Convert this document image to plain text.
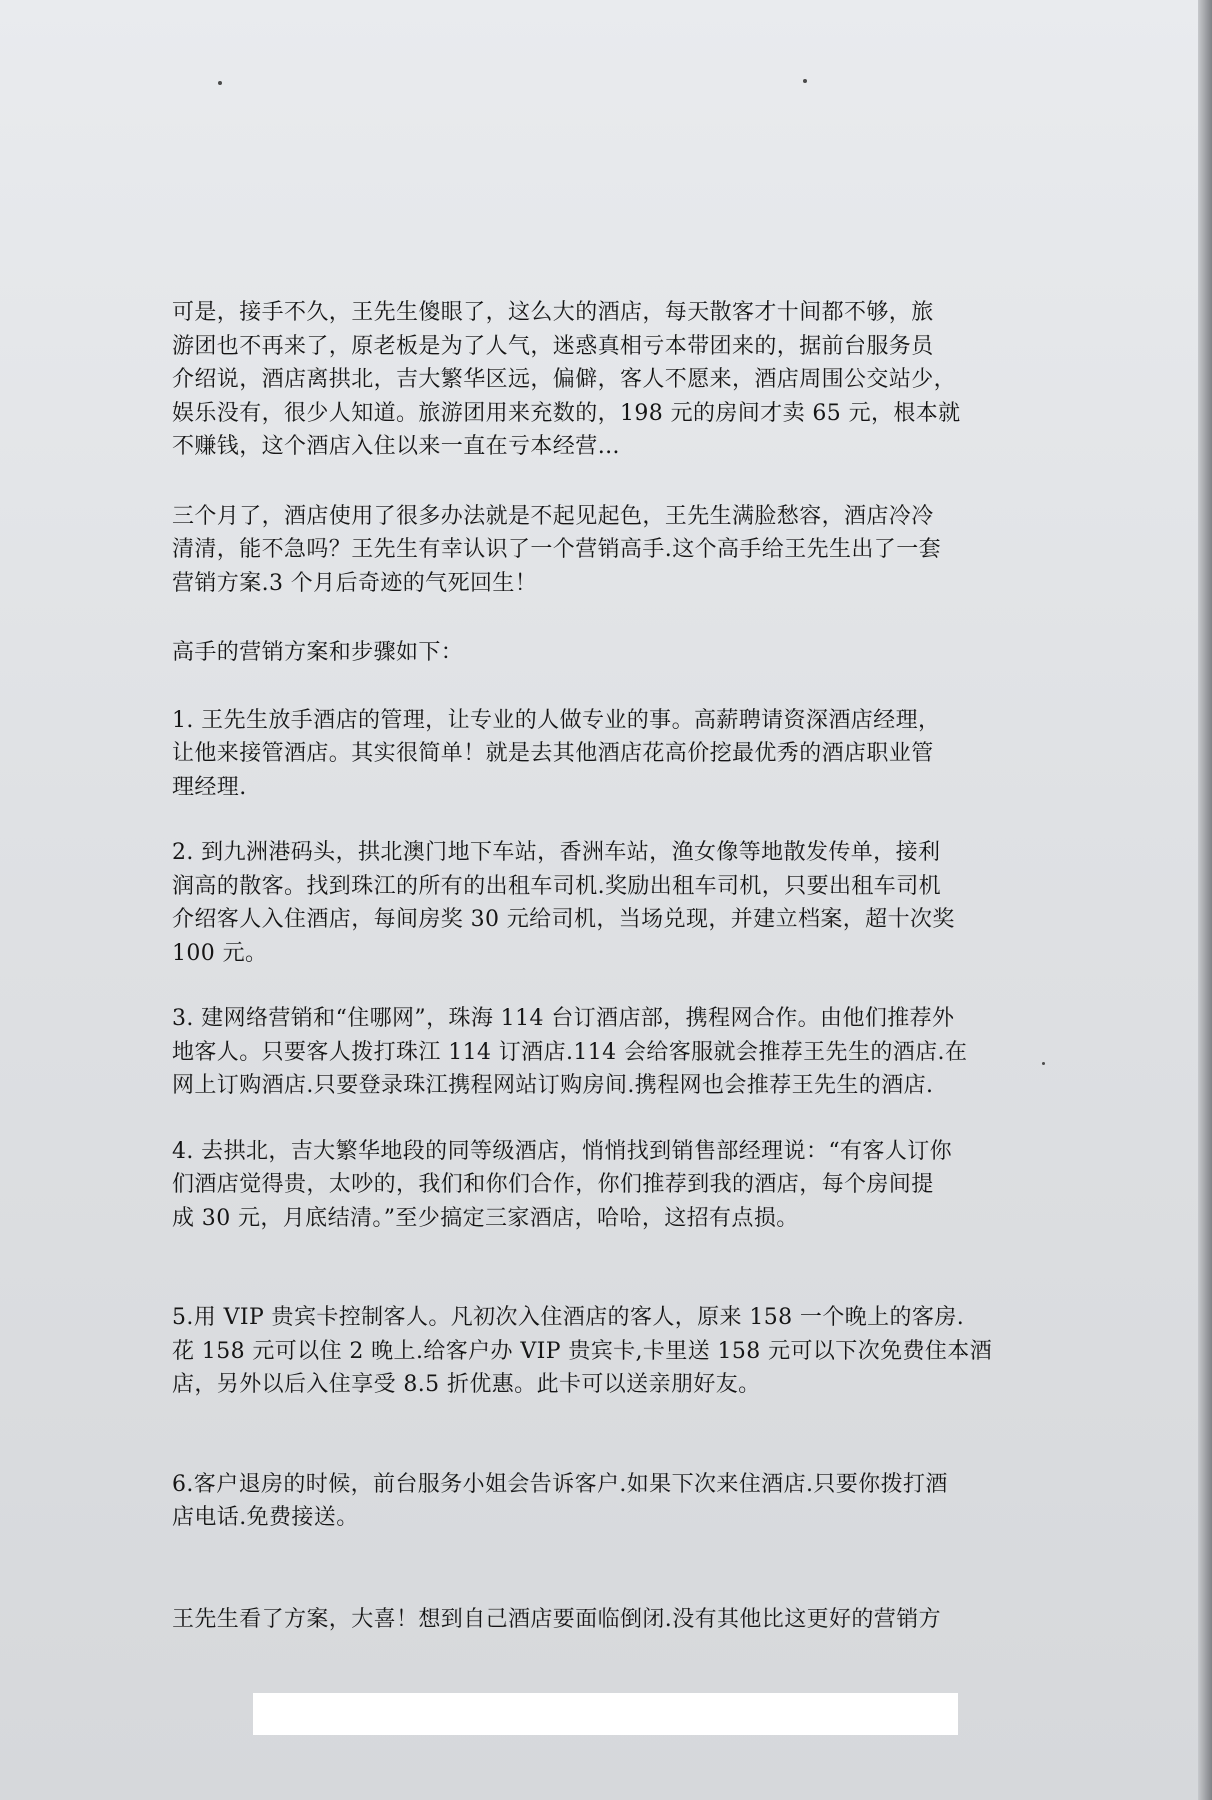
可是，接手不久，王先生傻眼了，这么大的酒店，每天散客才十间都不够，旅
游团也不再来了，原老板是为了人气，迷惑真相亏本带团来的，据前台服务员
介绍说，酒店离拱北，吉大繁华区远，偏僻，客人不愿来，酒店周围公交站少，
娱乐没有，很少人知道。旅游团用来充数的，198 元的房间才卖 65 元，根本就
不赚钱，这个酒店入住以来一直在亏本经营…

三个月了，酒店使用了很多办法就是不起见起色，王先生满脸愁容，酒店冷冷
清清，能不急吗？王先生有幸认识了一个营销高手.这个高手给王先生出了一套
营销方案.3 个月后奇迹的气死回生！

高手的营销方案和步骤如下：

1. 王先生放手酒店的管理，让专业的人做专业的事。高薪聘请资深酒店经理，
让他来接管酒店。其实很简单！就是去其他酒店花高价挖最优秀的酒店职业管
理经理.

2. 到九洲港码头，拱北澳门地下车站，香洲车站，渔女像等地散发传单，接利
润高的散客。找到珠江的所有的出租车司机.奖励出租车司机，只要出租车司机
介绍客人入住酒店，每间房奖 30 元给司机，当场兑现，并建立档案，超十次奖
100 元。

3. 建网络营销和“住哪网”，珠海 114 台订酒店部，携程网合作。由他们推荐外
地客人。只要客人拨打珠江 114 订酒店.114 会给客服就会推荐王先生的酒店.在
网上订购酒店.只要登录珠江携程网站订购房间.携程网也会推荐王先生的酒店.

4. 去拱北，吉大繁华地段的同等级酒店，悄悄找到销售部经理说：“有客人订你
们酒店觉得贵，太吵的，我们和你们合作，你们推荐到我的酒店，每个房间提
成 30 元，月底结清。”至少搞定三家酒店，哈哈，这招有点损。

5.用 VIP 贵宾卡控制客人。凡初次入住酒店的客人，原来 158 一个晚上的客房.
花 158 元可以住 2 晚上.给客户办 VIP 贵宾卡,卡里送 158 元可以下次免费住本酒
店，另外以后入住享受 8.5 折优惠。此卡可以送亲朋好友。

6.客户退房的时候，前台服务小姐会告诉客户.如果下次来住酒店.只要你拨打酒
店电话.免费接送。

王先生看了方案，大喜！想到自己酒店要面临倒闭.没有其他比这更好的营销方
